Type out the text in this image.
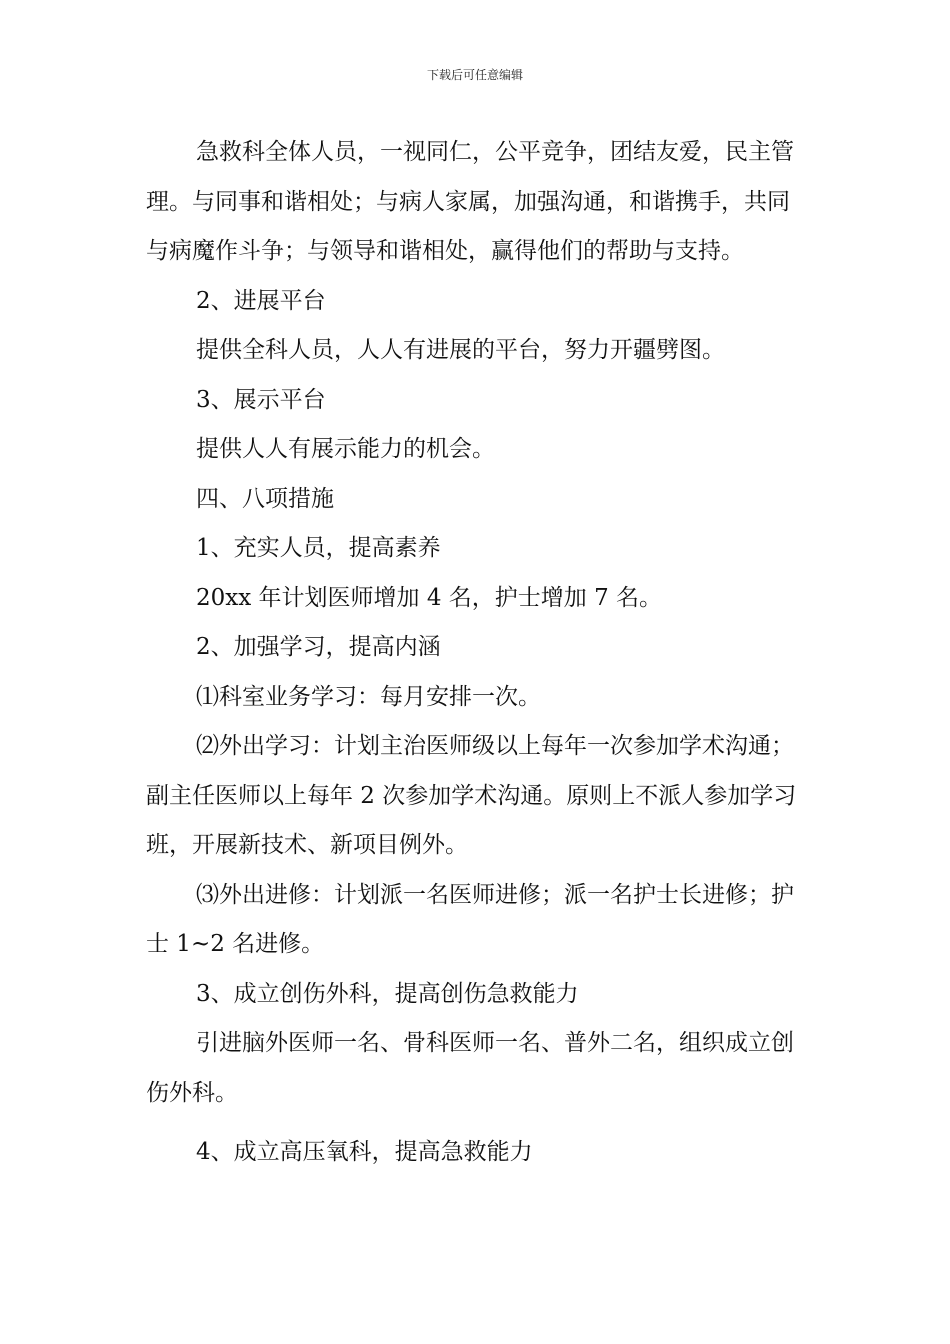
下载后可任意编辑

急救科全体人员，一视同仁，公平竞争，团结友爱，民主管理。与同事和谐相处；与病人家属，加强沟通，和谐携手，共同与病魔作斗争；与领导和谐相处，赢得他们的帮助与支持。

2、进展平台

提供全科人员，人人有进展的平台，努力开疆劈图。

3、展示平台

提供人人有展示能力的机会。

四、八项措施

1、充实人员，提高素养

20xx 年计划医师增加 4 名，护士增加 7 名。

2、加强学习，提高内涵

⑴科室业务学习：每月安排一次。

⑵外出学习：计划主治医师级以上每年一次参加学术沟通；副主任医师以上每年 2 次参加学术沟通。原则上不派人参加学习班，开展新技术、新项目例外。

⑶外出进修：计划派一名医师进修；派一名护士长进修；护士 1~2 名进修。

3、成立创伤外科，提高创伤急救能力

引进脑外医师一名、骨科医师一名、普外二名，组织成立创伤外科。

4、成立高压氧科，提高急救能力
